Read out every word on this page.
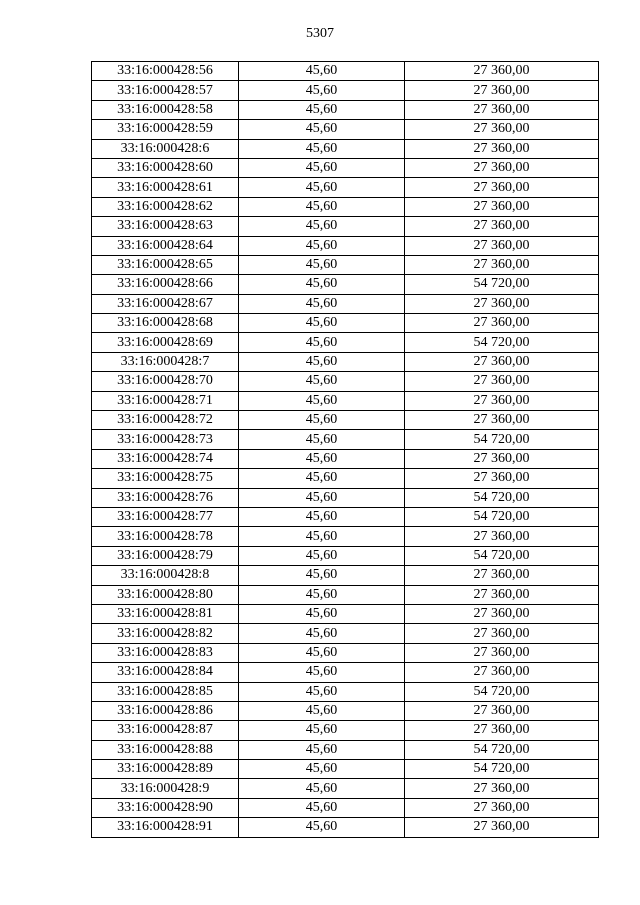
5307
33:16:000428:56	45,60	27 360,00
33:16:000428:57	45,60	27 360,00
33:16:000428:58	45,60	27 360,00
33:16:000428:59	45,60	27 360,00
33:16:000428:6	45,60	27 360,00
33:16:000428:60	45,60	27 360,00
33:16:000428:61	45,60	27 360,00
33:16:000428:62	45,60	27 360,00
33:16:000428:63	45,60	27 360,00
33:16:000428:64	45,60	27 360,00
33:16:000428:65	45,60	27 360,00
33:16:000428:66	45,60	54 720,00
33:16:000428:67	45,60	27 360,00
33:16:000428:68	45,60	27 360,00
33:16:000428:69	45,60	54 720,00
33:16:000428:7	45,60	27 360,00
33:16:000428:70	45,60	27 360,00
33:16:000428:71	45,60	27 360,00
33:16:000428:72	45,60	27 360,00
33:16:000428:73	45,60	54 720,00
33:16:000428:74	45,60	27 360,00
33:16:000428:75	45,60	27 360,00
33:16:000428:76	45,60	54 720,00
33:16:000428:77	45,60	54 720,00
33:16:000428:78	45,60	27 360,00
33:16:000428:79	45,60	54 720,00
33:16:000428:8	45,60	27 360,00
33:16:000428:80	45,60	27 360,00
33:16:000428:81	45,60	27 360,00
33:16:000428:82	45,60	27 360,00
33:16:000428:83	45,60	27 360,00
33:16:000428:84	45,60	27 360,00
33:16:000428:85	45,60	54 720,00
33:16:000428:86	45,60	27 360,00
33:16:000428:87	45,60	27 360,00
33:16:000428:88	45,60	54 720,00
33:16:000428:89	45,60	54 720,00
33:16:000428:9	45,60	27 360,00
33:16:000428:90	45,60	27 360,00
33:16:000428:91	45,60	27 360,00
